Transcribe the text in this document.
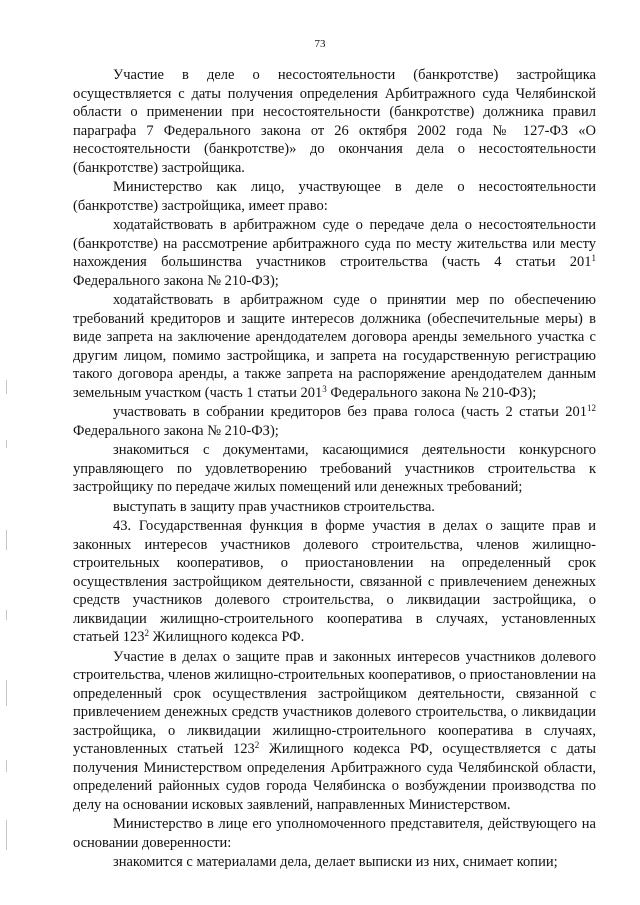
73

Участие в деле о несостоятельности (банкротстве) застройщика осуществляется с даты получения определения Арбитражного суда Челябинской области о применении при несостоятельности (банкротстве) должника правил параграфа 7 Федерального закона от 26 октября 2002 года № 127-ФЗ «О несостоятельности (банкротстве)» до окончания дела о несостоятельности (банкротстве) застройщика.

Министерство как лицо, участвующее в деле о несостоятельности (банкротстве) застройщика, имеет право:

ходатайствовать в арбитражном суде о передаче дела о несостоятельности (банкротстве) на рассмотрение арбитражного суда по месту жительства или месту нахождения большинства участников строительства (часть 4 статьи $201^1$ Федерального закона № 210-ФЗ);

ходатайствовать в арбитражном суде о принятии мер по обеспечению требований кредиторов и защите интересов должника (обеспечительные меры) в виде запрета на заключение арендодателем договора аренды земельного участка с другим лицом, помимо застройщика, и запрета на государственную регистрацию такого договора аренды, а также запрета на распоряжение арендодателем данным земельным участком (часть 1 статьи $201^3$ Федерального закона № 210-ФЗ);

участвовать в собрании кредиторов без права голоса (часть 2 статьи $201^{12}$ Федерального закона № 210-ФЗ);

знакомиться с документами, касающимися деятельности конкурсного управляющего по удовлетворению требований участников строительства к застройщику по передаче жилых помещений или денежных требований;

выступать в защиту прав участников строительства.

43. Государственная функция в форме участия в делах о защите прав и законных интересов участников долевого строительства, членов жилищно-строительных кооперативов, о приостановлении на определенный срок осуществления застройщиком деятельности, связанной с привлечением денежных средств участников долевого строительства, о ликвидации застройщика, о ликвидации жилищно-строительного кооператива в случаях, установленных статьей $123^2$ Жилищного кодекса РФ.

Участие в делах о защите прав и законных интересов участников долевого строительства, членов жилищно-строительных кооперативов, о приостановлении на определенный срок осуществления застройщиком деятельности, связанной с привлечением денежных средств участников долевого строительства, о ликвидации застройщика, о ликвидации жилищно-строительного кооператива в случаях, установленных статьей $123^2$ Жилищного кодекса РФ, осуществляется с даты получения Министерством определения Арбитражного суда Челябинской области, определений районных судов города Челябинска о возбуждении производства по делу на основании исковых заявлений, направленных Министерством.

Министерство в лице его уполномоченного представителя, действующего на основании доверенности:

знакомится с материалами дела, делает выписки из них, снимает копии;
